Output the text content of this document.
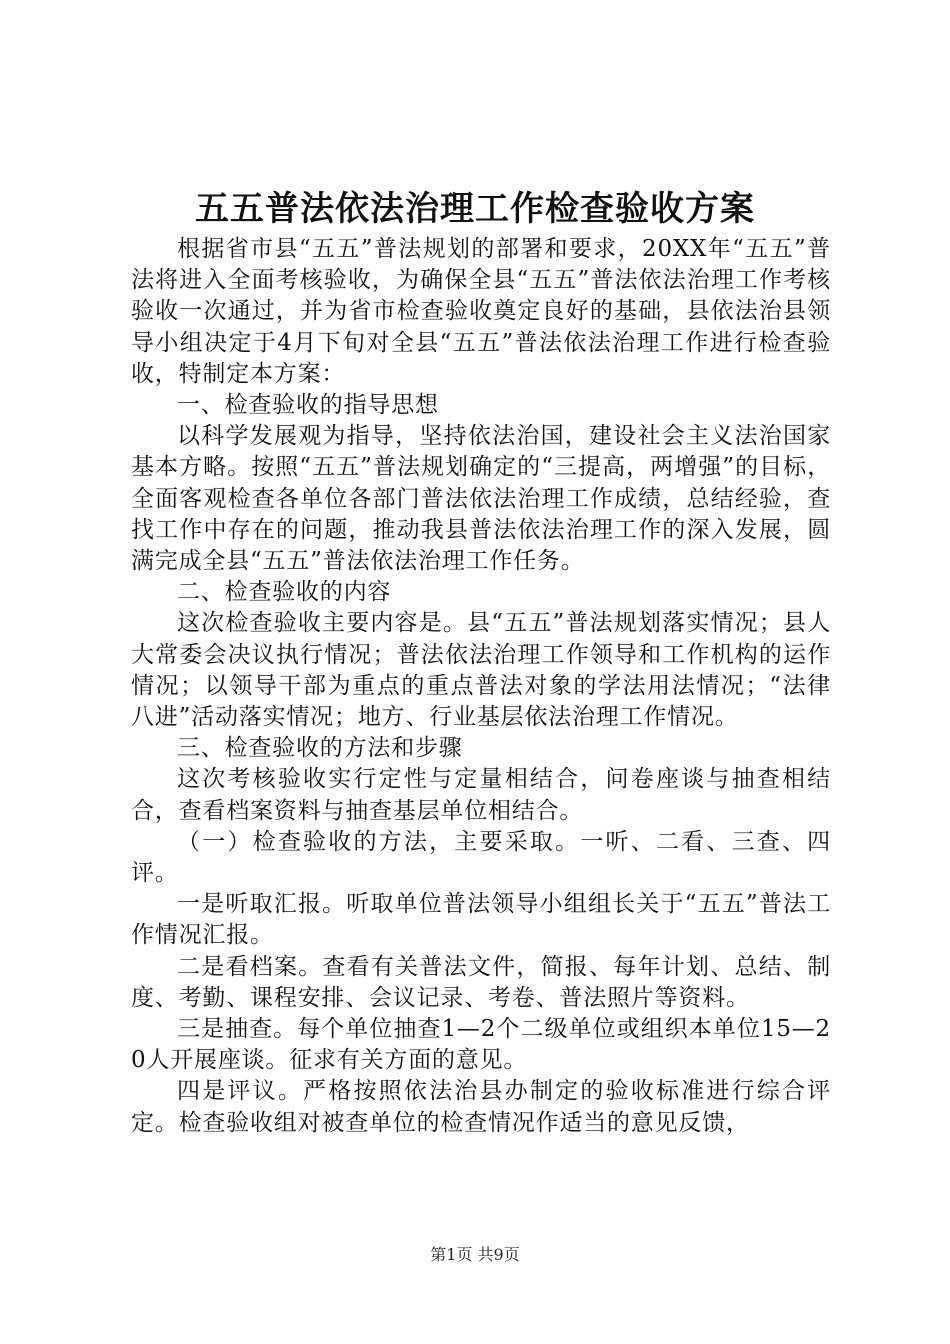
五五普法依法治理工作检查验收方案

根据省市县“五五”普法规划的部署和要求，20XX年“五五”普法将进入全面考核验收，为确保全县“五五”普法依法治理工作考核验收一次通过，并为省市检查验收奠定良好的基础，县依法治县领导小组决定于4月下旬对全县“五五”普法依法治理工作进行检查验收，特制定本方案：

一、检查验收的指导思想

以科学发展观为指导，坚持依法治国，建设社会主义法治国家基本方略。按照“五五”普法规划确定的“三提高，两增强”的目标，全面客观检查各单位各部门普法依法治理工作成绩，总结经验，查找工作中存在的问题，推动我县普法依法治理工作的深入发展，圆满完成全县“五五”普法依法治理工作任务。

二、检查验收的内容

这次检查验收主要内容是。县“五五”普法规划落实情况；县人大常委会决议执行情况；普法依法治理工作领导和工作机构的运作情况；以领导干部为重点的重点普法对象的学法用法情况；“法律八进”活动落实情况；地方、行业基层依法治理工作情况。

三、检查验收的方法和步骤

这次考核验收实行定性与定量相结合，问卷座谈与抽查相结合，查看档案资料与抽查基层单位相结合。

（一）检查验收的方法，主要采取。一听、二看、三查、四评。

一是听取汇报。听取单位普法领导小组组长关于“五五”普法工作情况汇报。

二是看档案。查看有关普法文件，简报、每年计划、总结、制度、考勤、课程安排、会议记录、考卷、普法照片等资料。

三是抽查。每个单位抽查1—2个二级单位或组织本单位15—20人开展座谈。征求有关方面的意见。

四是评议。严格按照依法治县办制定的验收标准进行综合评定。检查验收组对被查单位的检查情况作适当的意见反馈，

第1页 共9页
